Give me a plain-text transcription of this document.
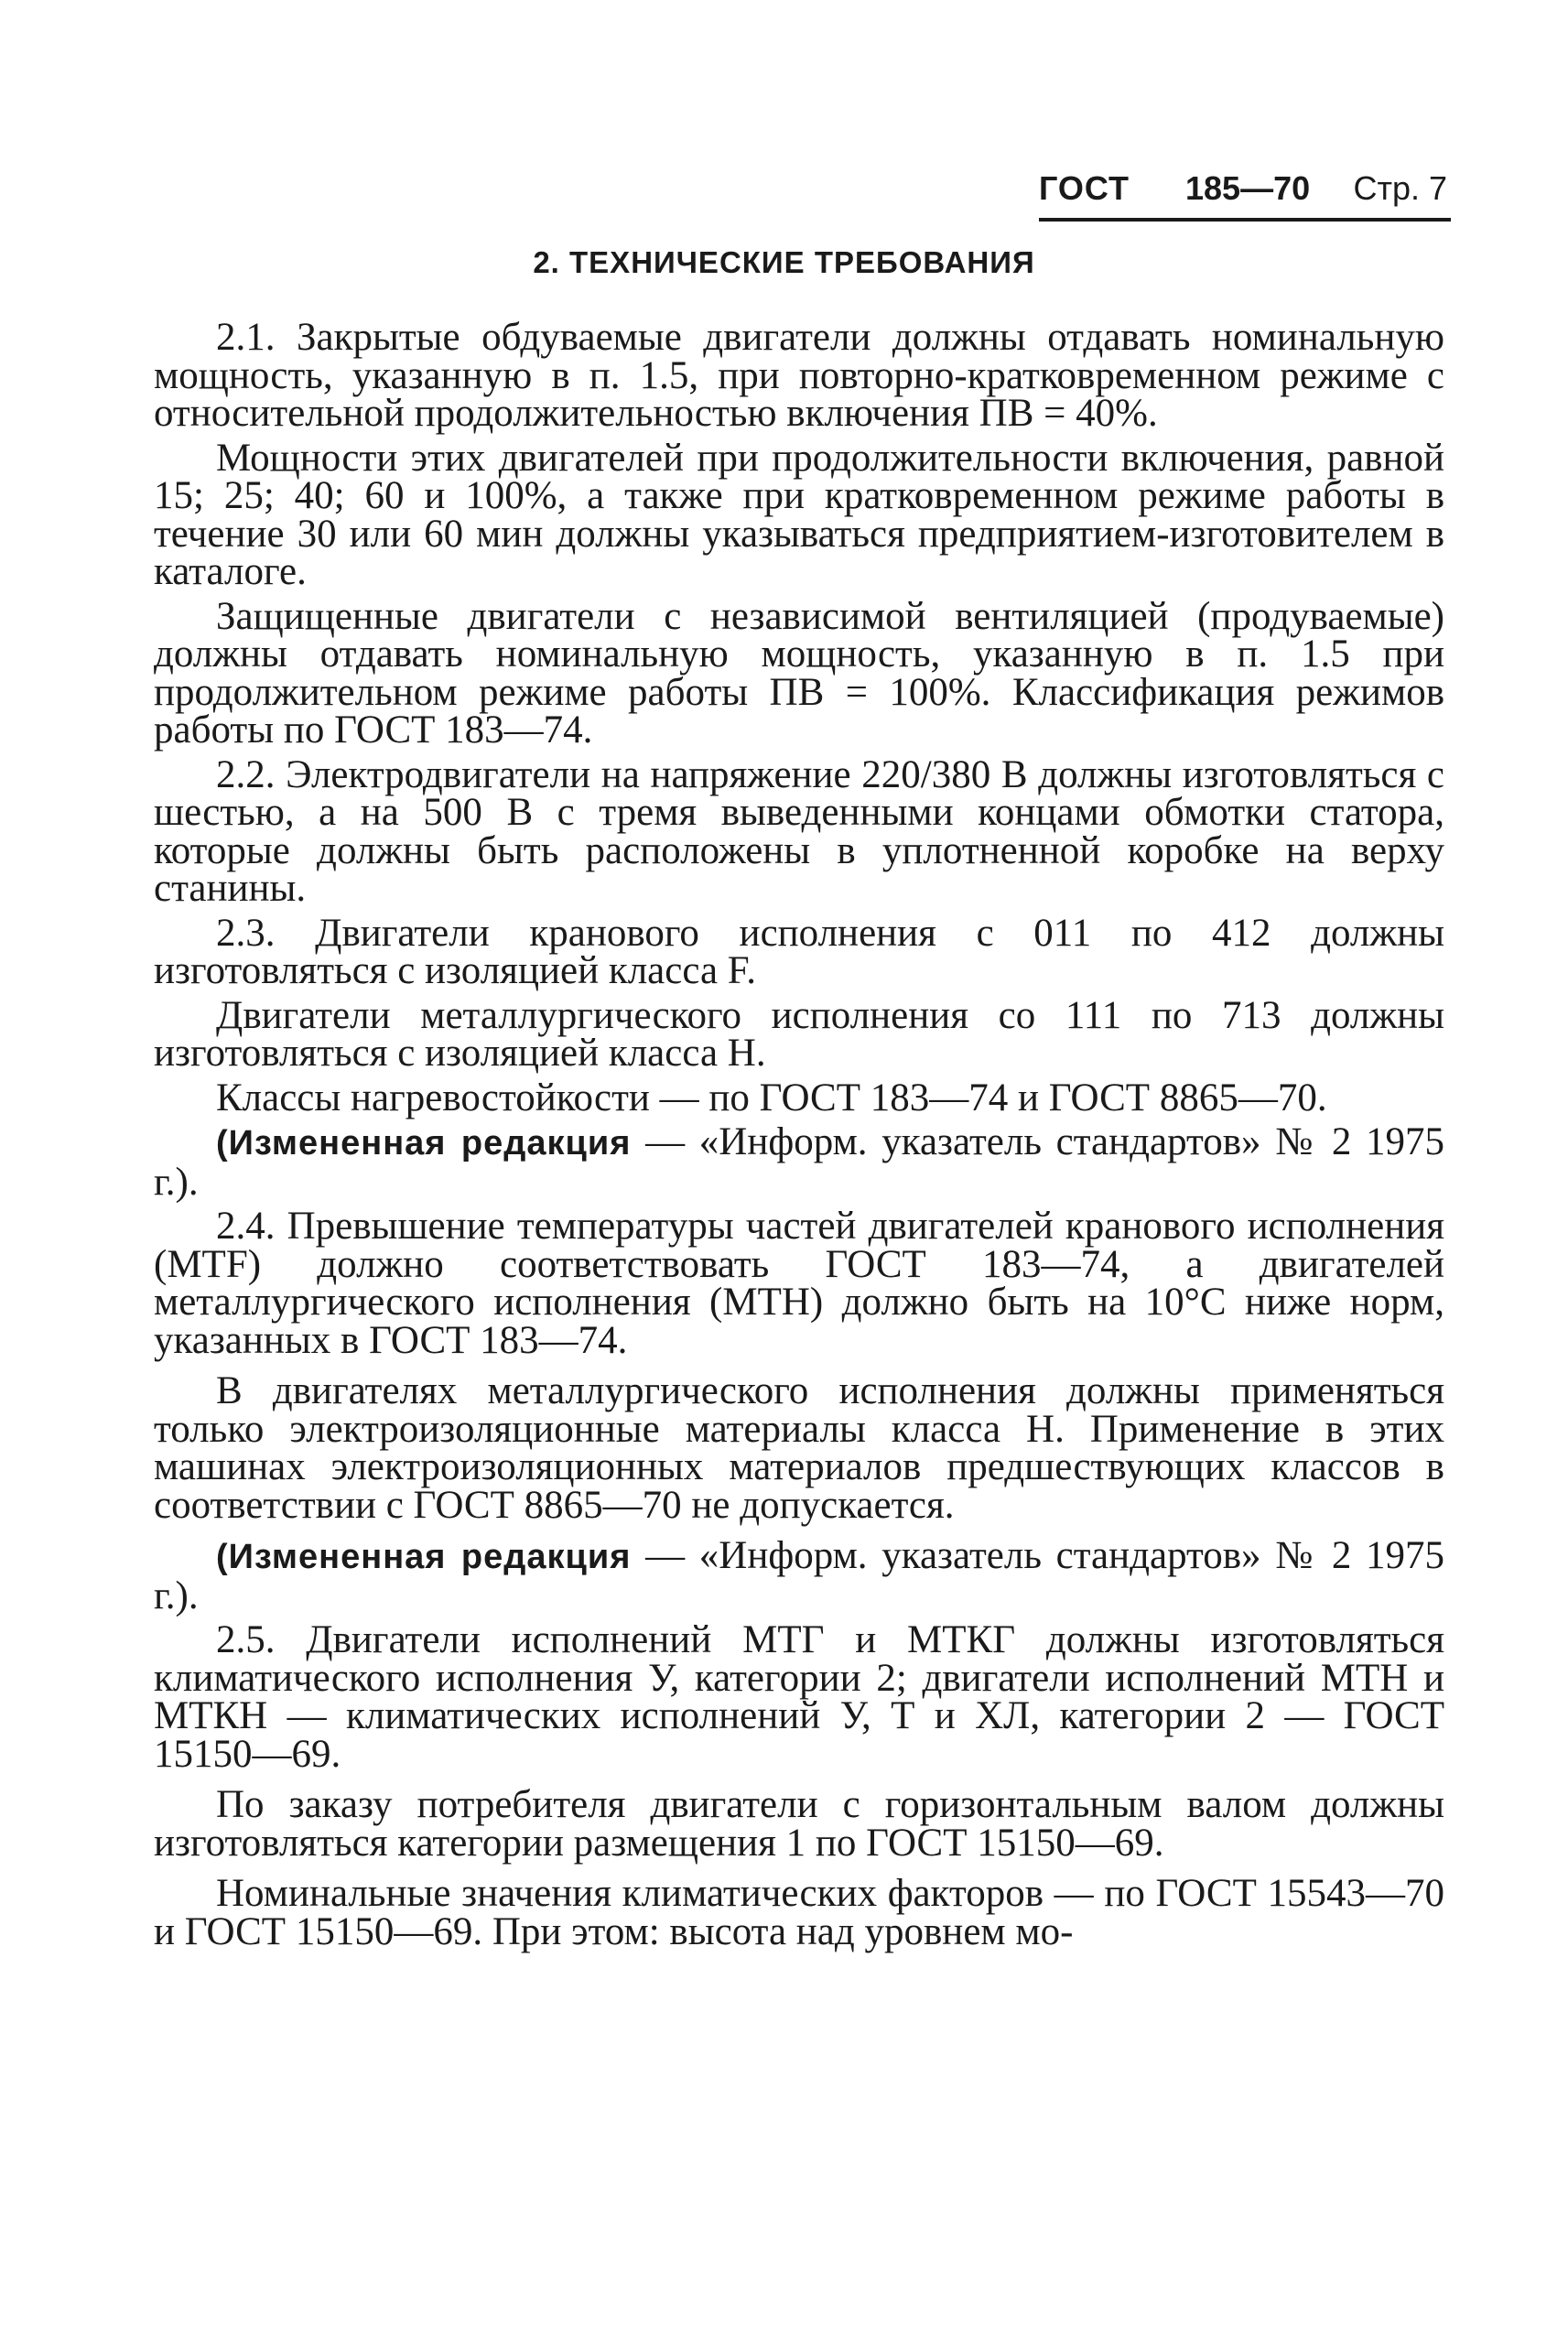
ГОСТ 185—70 Стр. 7
2. ТЕХНИЧЕСКИЕ ТРЕБОВАНИЯ

2.1. Закрытые обдуваемые двигатели должны отдавать номинальную мощность, указанную в п. 1.5, при повторно-кратковременном режиме с относительной продолжительностью включения ПВ = 40%.

Мощности этих двигателей при продолжительности включения, равной 15; 25; 40; 60 и 100%, а также при кратковременном режиме работы в течение 30 или 60 мин должны указываться предприятием-изготовителем в каталоге.

Защищенные двигатели с независимой вентиляцией (продуваемые) должны отдавать номинальную мощность, указанную в п. 1.5 при продолжительном режиме работы ПВ = 100%. Классификация режимов работы по ГОСТ 183—74.

2.2. Электродвигатели на напряжение 220/380 В должны изготовляться с шестью, а на 500 В с тремя выведенными концами обмотки статора, которые должны быть расположены в уплотненной коробке на верху станины.

2.3. Двигатели кранового исполнения с 011 по 412 должны изготовляться с изоляцией класса F.

Двигатели металлургического исполнения со 111 по 713 должны изготовляться с изоляцией класса Н.

Классы нагревостойкости — по ГОСТ 183—74 и ГОСТ 8865—70.

(Измененная редакция — «Информ. указатель стандартов» № 2 1975 г.).

2.4. Превышение температуры частей двигателей кранового исполнения (МТF) должно соответствовать ГОСТ 183—74, а двигателей металлургического исполнения (МТН) должно быть на 10°С ниже норм, указанных в ГОСТ 183—74.

В двигателях металлургического исполнения должны применяться только электроизоляционные материалы класса Н. Применение в этих машинах электроизоляционных материалов предшествующих классов в соответствии с ГОСТ 8865—70 не допускается.

(Измененная редакция — «Информ. указатель стандартов» № 2 1975 г.).

2.5. Двигатели исполнений МТГ и МТКГ должны изготовляться климатического исполнения У, категории 2; двигатели исполнений МТН и МТКН — климатических исполнений У, Т и ХЛ, категории 2 — ГОСТ 15150—69.

По заказу потребителя двигатели с горизонтальным валом должны изготовляться категории размещения 1 по ГОСТ 15150—69.

Номинальные значения климатических факторов — по ГОСТ 15543—70 и ГОСТ 15150—69. При этом: высота над уровнем мо-
